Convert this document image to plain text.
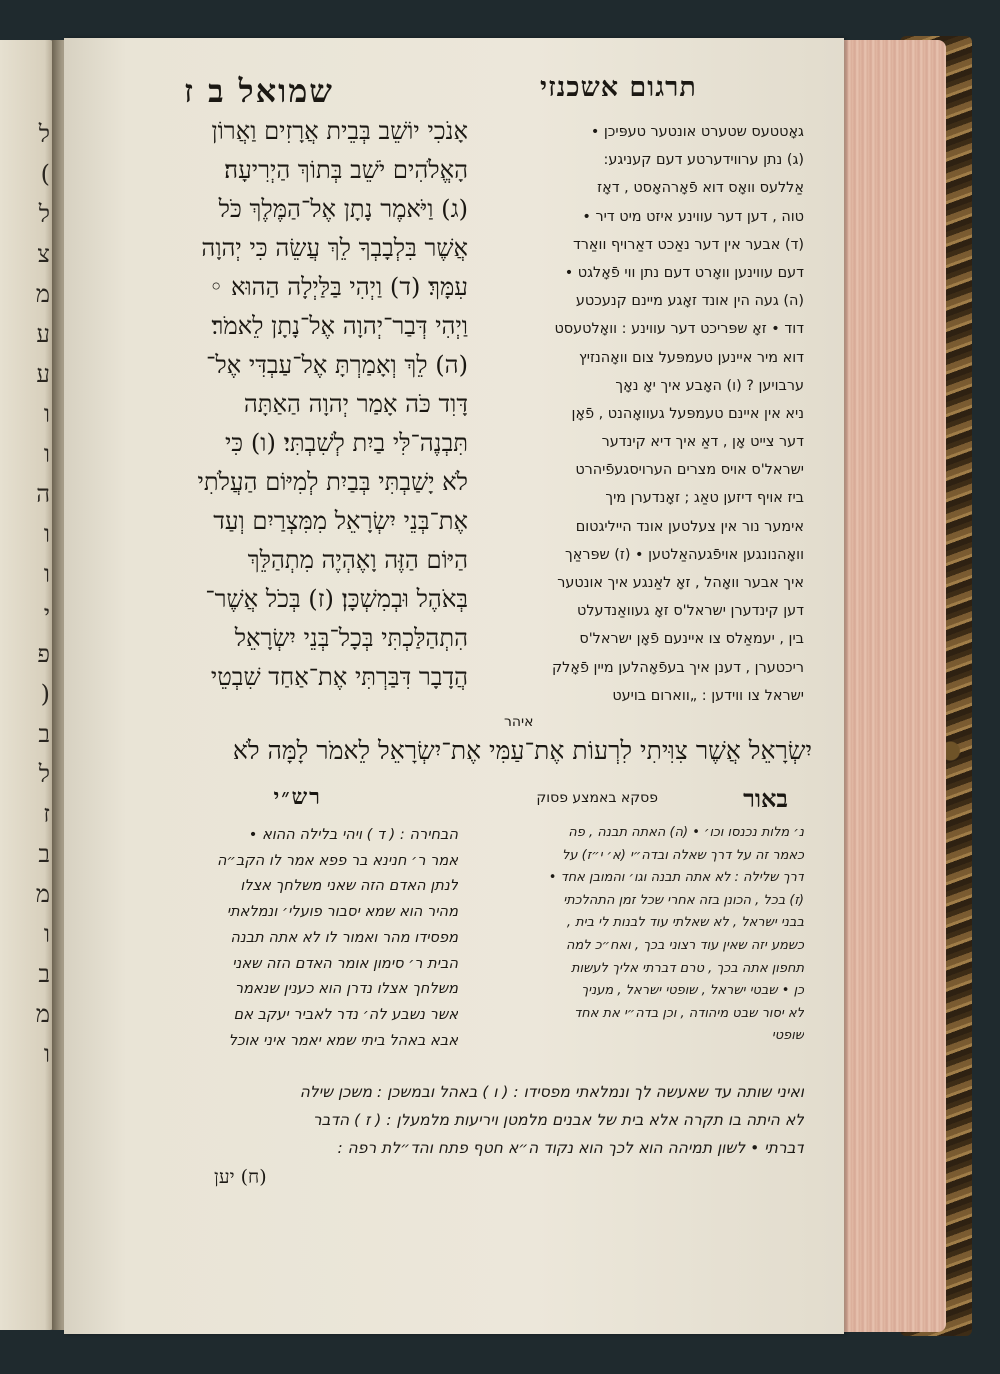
ל
(
ל
צ
מ
ע
ע
ו
ו
ה
ו
ו
י
פ
)
ב
ל
ז
ב
מ
ו
ב
מ
ו
תרגום אשכנזי
שמואל ב ז
אָנֹכִי יוֹשֵׁב בְּבֵית אֲרָזִים וַאֲרוֹן
הָאֱלֹהִים יֹשֵׁב בְּתוֹךְ הַיְרִיעָה׃
(ג) וַיֹּאמֶר נָתָן אֶל־הַמֶּלֶךְ כֹּל
אֲשֶׁר בִּלְבָבְךָ לֵךְ עֲשֵׂה כִּי יְהוָה
עִמָּךְ׃ (ד) וַיְהִי בַּלַּיְלָה הַהוּא ◦
וַיְהִי דְּבַר־יְהוָה אֶל־נָתָן לֵאמֹר׃
(ה) לֵךְ וְאָמַרְתָּ אֶל־עַבְדִּי אֶל־
דָּוִד כֹּה אָמַר יְהוָה הַאַתָּה
תִּבְנֶה־לִּי בַיִת לְשִׁבְתִּי׃ (ו) כִּי
לֹא יָשַׁבְתִּי בְּבַיִת לְמִיּוֹם הַעֲלֹתִי
אֶת־בְּנֵי יִשְׂרָאֵל מִמִּצְרַיִם וְעַד
הַיּוֹם הַזֶּה וָאֶהְיֶה מִתְהַלֵּךְ
בְּאֹהֶל וּבְמִשְׁכָּן׃ (ז) בְּכֹל אֲשֶׁר־
הִתְהַלַּכְתִּי בְּכָל־בְּנֵי יִשְׂרָאֵל
הֲדָבָר דִּבַּרְתִּי אֶת־אַחַד שִׁבְטֵי
גאָטטעס שטערט אונטער טעפּיכן •
(ג) נתן ערווידערטע דעם קעניגע:
אַללעס וואָס דוא פֿאָרהאָסט , דאָז
טוה , דען דער עווינע איזט מיט דיר •
(ד) אבער אין דער נאַכט דאַרויף וואַרד
דעם עווינען וואָרט דעם נתן ווי פֿאָלגט •
(ה) געה הין אונד זאָגע מיינם קנעכטע
דוד • זאָ שפּריכט דער עווינע : וואָלטעסט
דוא מיר איינען טעמפּעל צום וואָהנזיץ
ערבויען ? (ו) האָבע איך יאָ נאָך
ניא אין איינם טעמפּעל געוואָהנט , פֿאָן
דער צייט אָן , דאַ איך דיא קינדער
ישראל'ס אויס מצרים הערויסגעפֿיהרט
ביז אויף דיזען טאַג ; זאָנדערן מיך
אימער נור אין צעלטען אונד הייליגטום
וואָהנונגען אויפֿגעהאַלטען • (ז) שפּראַך
איך אבער וואָהל , זאָ לאַנגע איך אונטער
דען קינדערן ישראל'ס זאָ געוואַנדעלט
בין , יעמאַלס צו איינעם פֿאָן ישראל'ס
ריכטערן , דענן איך בעפֿאָהלען מיין פֿאָלק
ישראל צו ווידען : „ווארום בויעט
איהר
יִשְׂרָאֵל אֲשֶׁר צִוִּיתִי לִרְעוֹת אֶת־עַמִּי אֶת־יִשְׂרָאֵל לֵאמֹר לָמָּה לֹא
באור
פסקא באמצע פסוק
רש״י
הבחירה : ( ד ) ויהי בלילה ההוא •
אמר ר׳ חנינא בר פפא אמר לו הקב״ה
לנתן האדם הזה שאני משלחך אצלו
מהיר הוא שמא יסבור פועלי׳ ונמלאתי
מפסידו מהר ואמור לו לא אתה תבנה
הבית ר׳ סימון אומר האדם הזה שאני
משלחך אצלו נדרן הוא כענין שנאמר
אשר נשבע לה׳ נדר לאביר יעקב אם
אבא באהל ביתי שמא יאמר איני אוכל
נ׳ מלות נכנסו וכו׳ • (ה) האתה תבנה , פה
כאמר זה על דרך שאלה ובדה״י (א׳ י״ז) על
דרך שלילה : לא אתה תבנה וגו׳ והמובן אחד •
(ז) בכל , הכונן בזה אחרי שכל זמן התהלכתי
בבני ישראל , לא שאלתי עוד לבנות לי בית ,
כשמע יזה שאין עוד רצוני בכך , ואח״כ למה
תחפון אתה בכך , טרם דברתי אליך לעשות
כן • שבטי ישראל , שופטי ישראל , מעניך
לא יסור שבט מיהודה , וכן בדה״י את אחד
שופטי
ואיני שותה עד שאעשה לך ונמלאתי מפסידו : ( ו ) באהל ובמשכן : משכן שילה
לא היתה בו תקרה אלא בית של אבנים מלמטן ויריעות מלמעלן : ( ז ) הדבר
דברתי • לשון תמיהה הוא לכך הוא נקוד ה״א חטף פתח והד״לת רפה :
(ח) יען
